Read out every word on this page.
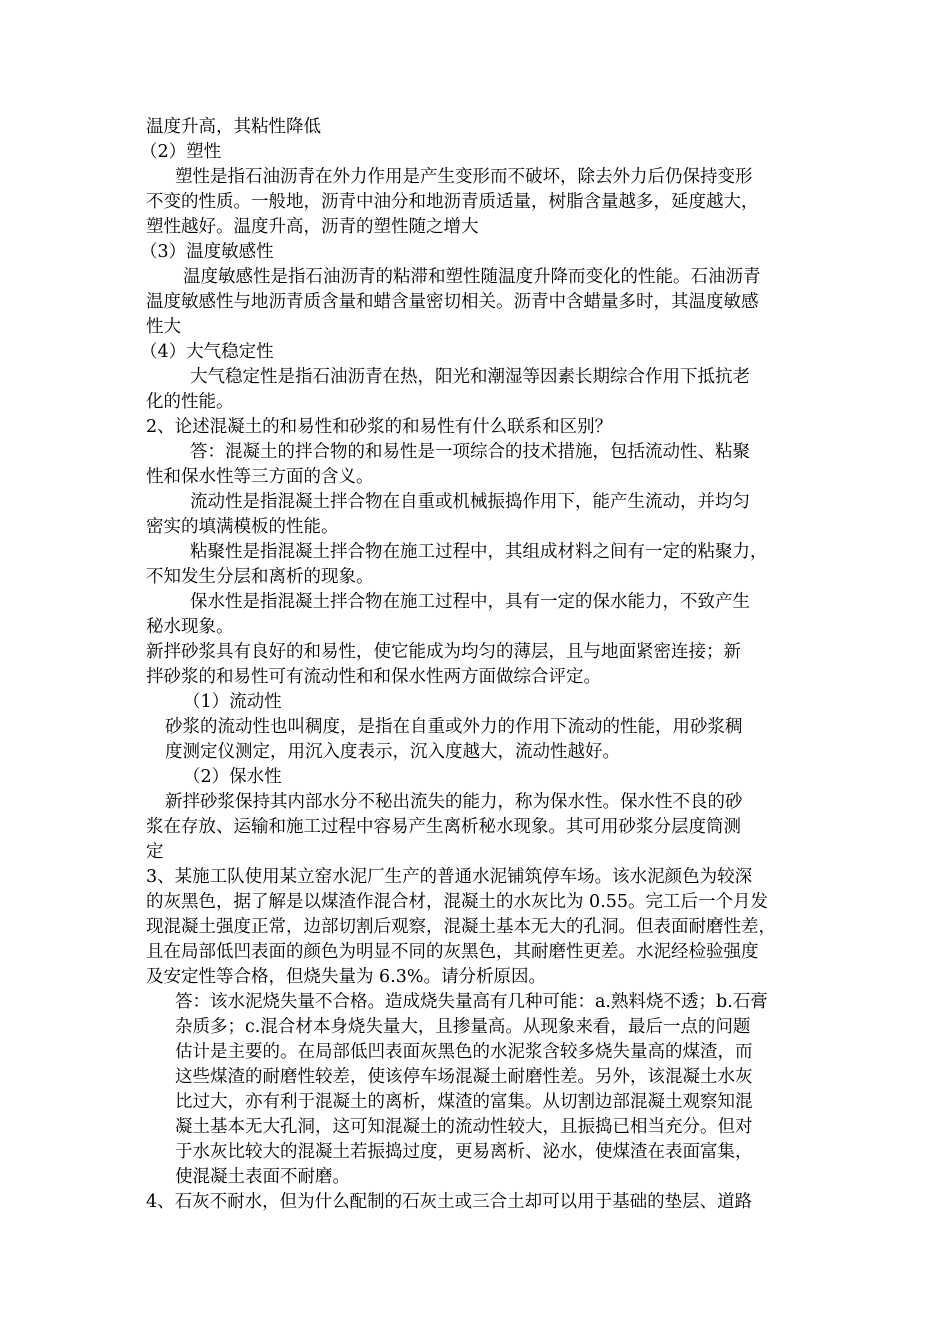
温度升高，其粘性降低
（2）塑性
塑性是指石油沥青在外力作用是产生变形而不破坏，除去外力后仍保持变形
不变的性质。一般地，沥青中油分和地沥青质适量，树脂含量越多，延度越大，
塑性越好。温度升高，沥青的塑性随之增大
（3）温度敏感性
温度敏感性是指石油沥青的粘滞和塑性随温度升降而变化的性能。石油沥青
温度敏感性与地沥青质含量和蜡含量密切相关。沥青中含蜡量多时，其温度敏感
性大
（4）大气稳定性
大气稳定性是指石油沥青在热，阳光和潮湿等因素长期综合作用下抵抗老
化的性能。
2、论述混凝土的和易性和砂浆的和易性有什么联系和区别？
答：混凝土的拌合物的和易性是一项综合的技术措施，包括流动性、粘聚
性和保水性等三方面的含义。
流动性是指混凝土拌合物在自重或机械振捣作用下，能产生流动，并均匀
密实的填满模板的性能。
粘聚性是指混凝土拌合物在施工过程中，其组成材料之间有一定的粘聚力，
不知发生分层和离析的现象。
保水性是指混凝土拌合物在施工过程中，具有一定的保水能力，不致产生
秘水现象。
新拌砂浆具有良好的和易性，使它能成为均匀的薄层，且与地面紧密连接；新
拌砂浆的和易性可有流动性和和保水性两方面做综合评定。
（1）流动性
砂浆的流动性也叫稠度，是指在自重或外力的作用下流动的性能，用砂浆稠
度测定仪测定，用沉入度表示，沉入度越大，流动性越好。
（2）保水性
新拌砂浆保持其内部水分不秘出流失的能力，称为保水性。保水性不良的砂
浆在存放、运输和施工过程中容易产生离析秘水现象。其可用砂浆分层度筒测
定
3、某施工队使用某立窑水泥厂生产的普通水泥铺筑停车场。该水泥颜色为较深
的灰黑色，据了解是以煤渣作混合材，混凝土的水灰比为 0.55。完工后一个月发
现混凝土强度正常，边部切割后观察，混凝土基本无大的孔洞。但表面耐磨性差，
且在局部低凹表面的颜色为明显不同的灰黑色，其耐磨性更差。水泥经检验强度
及安定性等合格，但烧失量为 6.3%。请分析原因。
答：该水泥烧失量不合格。造成烧失量高有几种可能：a.熟料烧不透；b.石膏
杂质多；c.混合材本身烧失量大，且掺量高。从现象来看，最后一点的问题
估计是主要的。在局部低凹表面灰黑色的水泥浆含较多烧失量高的煤渣，而
这些煤渣的耐磨性较差，使该停车场混凝土耐磨性差。另外，该混凝土水灰
比过大，亦有利于混凝土的离析，煤渣的富集。从切割边部混凝土观察知混
凝土基本无大孔洞，这可知混凝土的流动性较大，且振捣已相当充分。但对
于水灰比较大的混凝土若振捣过度，更易离析、泌水，使煤渣在表面富集，
使混凝土表面不耐磨。
4、石灰不耐水，但为什么配制的石灰土或三合土却可以用于基础的垫层、道路
